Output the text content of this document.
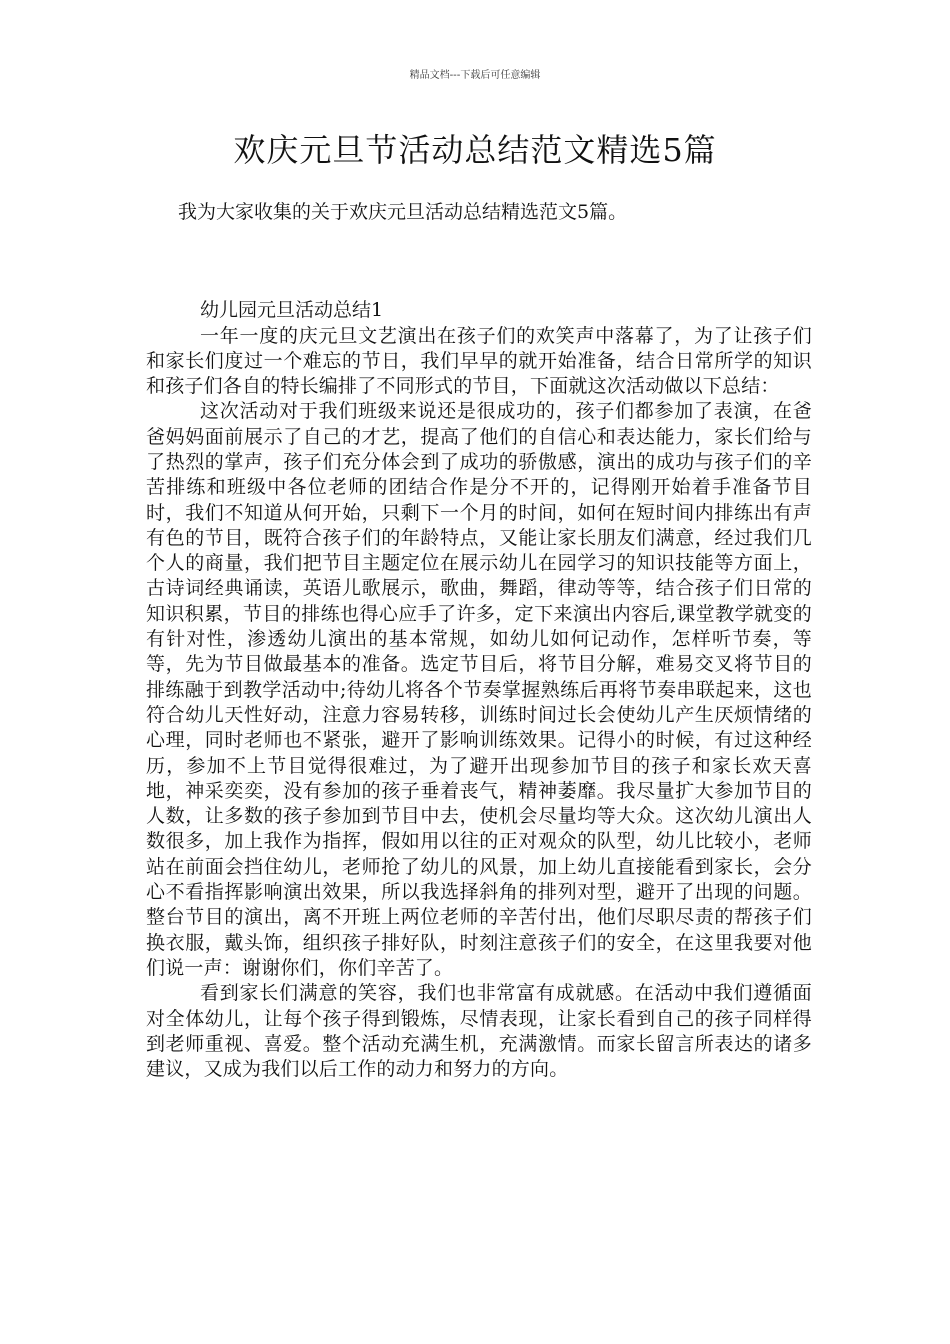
精品文档---下载后可任意编辑
欢庆元旦节活动总结范文精选5篇

我为大家收集的关于欢庆元旦活动总结精选范文5篇。

幼儿园元旦活动总结1

一年一度的庆元旦文艺演出在孩子们的欢笑声中落幕了，为了让孩子们和家长们度过一个难忘的节日，我们早早的就开始准备，结合日常所学的知识和孩子们各自的特长编排了不同形式的节目，下面就这次活动做以下总结：

这次活动对于我们班级来说还是很成功的，孩子们都参加了表演，在爸爸妈妈面前展示了自己的才艺，提高了他们的自信心和表达能力，家长们给与了热烈的掌声，孩子们充分体会到了成功的骄傲感，演出的成功与孩子们的辛苦排练和班级中各位老师的团结合作是分不开的，记得刚开始着手准备节目时，我们不知道从何开始，只剩下一个月的时间，如何在短时间内排练出有声有色的节目，既符合孩子们的年龄特点，又能让家长朋友们满意，经过我们几个人的商量，我们把节目主题定位在展示幼儿在园学习的知识技能等方面上，古诗词经典诵读，英语儿歌展示，歌曲，舞蹈，律动等等，结合孩子们日常的知识积累，节目的排练也得心应手了许多，定下来演出内容后,课堂教学就变的有针对性，渗透幼儿演出的基本常规，如幼儿如何记动作，怎样听节奏，等等，先为节目做最基本的准备。选定节目后，将节目分解，难易交叉将节目的排练融于到教学活动中;待幼儿将各个节奏掌握熟练后再将节奏串联起来，这也符合幼儿天性好动，注意力容易转移，训练时间过长会使幼儿产生厌烦情绪的心理，同时老师也不紧张，避开了影响训练效果。记得小的时候，有过这种经历，参加不上节目觉得很难过，为了避开出现参加节目的孩子和家长欢天喜地，神采奕奕，没有参加的孩子垂着丧气，精神萎靡。我尽量扩大参加节目的人数，让多数的孩子参加到节目中去，使机会尽量均等大众。这次幼儿演出人数很多，加上我作为指挥，假如用以往的正对观众的队型，幼儿比较小，老师站在前面会挡住幼儿，老师抢了幼儿的风景，加上幼儿直接能看到家长，会分心不看指挥影响演出效果，所以我选择斜角的排列对型，避开了出现的问题。整台节目的演出，离不开班上两位老师的辛苦付出，他们尽职尽责的帮孩子们换衣服，戴头饰，组织孩子排好队，时刻注意孩子们的安全，在这里我要对他们说一声：谢谢你们，你们辛苦了。

看到家长们满意的笑容，我们也非常富有成就感。在活动中我们遵循面对全体幼儿，让每个孩子得到锻炼，尽情表现，让家长看到自己的孩子同样得到老师重视、喜爱。整个活动充满生机，充满激情。而家长留言所表达的诸多建议，又成为我们以后工作的动力和努力的方向。
